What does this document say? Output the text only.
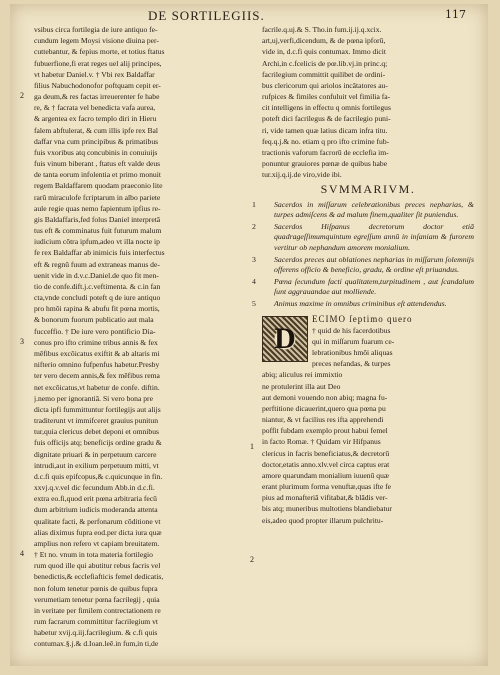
DE SORTILEGIIS.	117
vsibus circa fortilegia de iure antiquo fe-
cundum legem Moysi visione diuina per-
cuttebantur, & fepius morte, et totius ftatus
fubuerfione,fi erat reges uel alij principes,
vt habetur Daniel.v. † Vbi rex Baldaffar
filius Nabuchodonofor poftquam cepit er-
ga deum,& res factas irreuerenter fe habe
re, & † facrata vel benedicta vafa aurea,
& argentea ex facro templo diri in Hieru
falem abftulerat, & cum illis ipfe rex Bal
daffar vna cum principibus & primatibus
fuis vxoribus atq concubinis in conuiuijs
fuis vinum biberant , ftatus eft valde deus
de tanta eorum infolentia et primo monuit
regem Baldaffarem quodam praeconio lite
rarū miraculofe fcriptarum in albo pariete
aule regie quas nemo fapientum ipfius re-
gis Baldaffaris,fed folus Daniel interpretā
tus eft & comminatus fuit futurum malum
iudicium cōtra ipfum,adeo vt illa nocte ip
fe rex Baldaffar ab inimicis fuis interfectus
eft & regnū fuum ad extraneas manus de-
uenit vide in d.v.c.Daniel.de quo fit men-
tio de confe.dift.j.c.veftimenta. & c.in fan
cta,vnde concludi poteft q de iure antiquo
pro hmōi rapina & abufu fit pœna mortis,
& bonorum fuorum publicatio aut mala
fucceffio. † De iure vero pontificio Dia-
conus pro ifto crimine tribus annis & fex
mēfibus excōicatus exiftit & ab altaris mi
nifterio omnino fufpenfus habetur.Presby
ter vero decem annis,& fex mēfibus rema
net excōicatus,vt habetur de confe. diftin.
j.nemo per ignorantiā. Si vero bona pre
dicta ipfi fummittuntur fortilegijs aut alijs
traditerunt vt immifceret grauius punitun
tur,quia clericus debet deponi et omnibus
fuis officijs atq; beneficijs ordine gradu &
dignitate priuari & in perpetuum carcere
intrudi,aut in exilium perpetuum mitti, vt
d.c.fi quis epifcopus,& c.quicunque in fin.
xxvj.q.v.vel dic fecundum Abb.in d.c.fi.
extra eo.fi,quod erit pœna arbitraria fecū
dum arbitrium iudicis moderanda attenta
qualitate facti, & perfonarum cōditione vt
alias diximus fupra eod.per dicta iura quæ
amplius non refero vt capiam breuitatem.
† Et no. vnum in tota materia fortilegio
rum quod ille qui abutitur rebus facris vel
benedictis,& ecclefiafticis femel dedicatis,
non folum tenetur pœnis de quibus fupra
verumetiam tenetur pœna facrilegij , quia
in veritate per fimilem contrectationem re
rum facrarum committitur facrilegium vt
habetur xvij.q.iij.facrilegium. & c.fi quis
contumax.§.j.& d.Ioan.leē.in fum,in ti,de
2
3
4
facrile.q.uj.& S. Tho.in fum.ij.ij.q.xcix.
art,uj,verfi,dicendum, & de pœna ipforū,
vide in, d.c.fi quis contumax. Immo dicit
Archi,in c.fcelicis de pœ.lib.vj.in princ.q;
facrilegium committit quilibet de ordini-
bus clericorum qui ariolos incātatores au-
rufpices & fimiles confuluit vel fimilia fa-
cit intelligens in effectu q omnis fortilegus
poteft dici facrilegus & de facrilegio puni-
ri, vide tamen quæ latius dicam infra titu.
feq.q.j.& no. etiam q pro ifto crimine fub-
tractionis vaforum facrorū de ecclefia im-
ponuntur grauiores pœnæ de quibus habe
tur.xij.q.ij.de viro,vide ibi.
SVMMARIVM.
1 Sacerdos in miſſarum celebrationibus preces nepharias, & turpes admiſcens & ad malum finem,qualiter ſit puniendus.
2 Sacerdos Hiſpanus decretorum doctor etiā quadrageſſimumquintum egreſſum annū in inſaniam & furorem vertitur ob nephandum amorem monialium.
3 Sacerdos preces aut oblationes nepharias in miſſarum ſolemnijs offerens officio & beneficio, gradu, & ordine eſt priuandus.
4 Pœna ſecundum facti qualitatem,turpitudinem , aut ſcandalum ſunt aggrauandae aut molliende.
5 Animus maxime in omnibus criminibus eſt attendendus.
D
ECIMO ſeptimo quero
† quid de his facerdotibus
qui in miſſarum fuarum ce-
lebrationibus hmōi aliquas
preces nefandas, & turpes
abiq; aliculus rei immixtio
ne protulerint illa aut Deo
aut demoni vouendo non abiq; magna fu-
perftitione dicauerint,quero qua pœna pu
niantur, & vt facilius res ifta apprehendi
poffit fubdam exemplo prout habui femel
in facto Romæ. † Quidam vir Hifpanus
clericus in facris beneficiatus,& decretorū
doctor,etatis anno.xlv.vel circa captus erat
amore quarundam monialium iuuenū quæ
erant plurimum forma venuftæ,quas ifte fe
pius ad monafteriā vifitabat,& blādis ver-
bis atq; muneribus multotiens blandiebatur
eis,adeo quod propter illarum pulchritu-
1
2
